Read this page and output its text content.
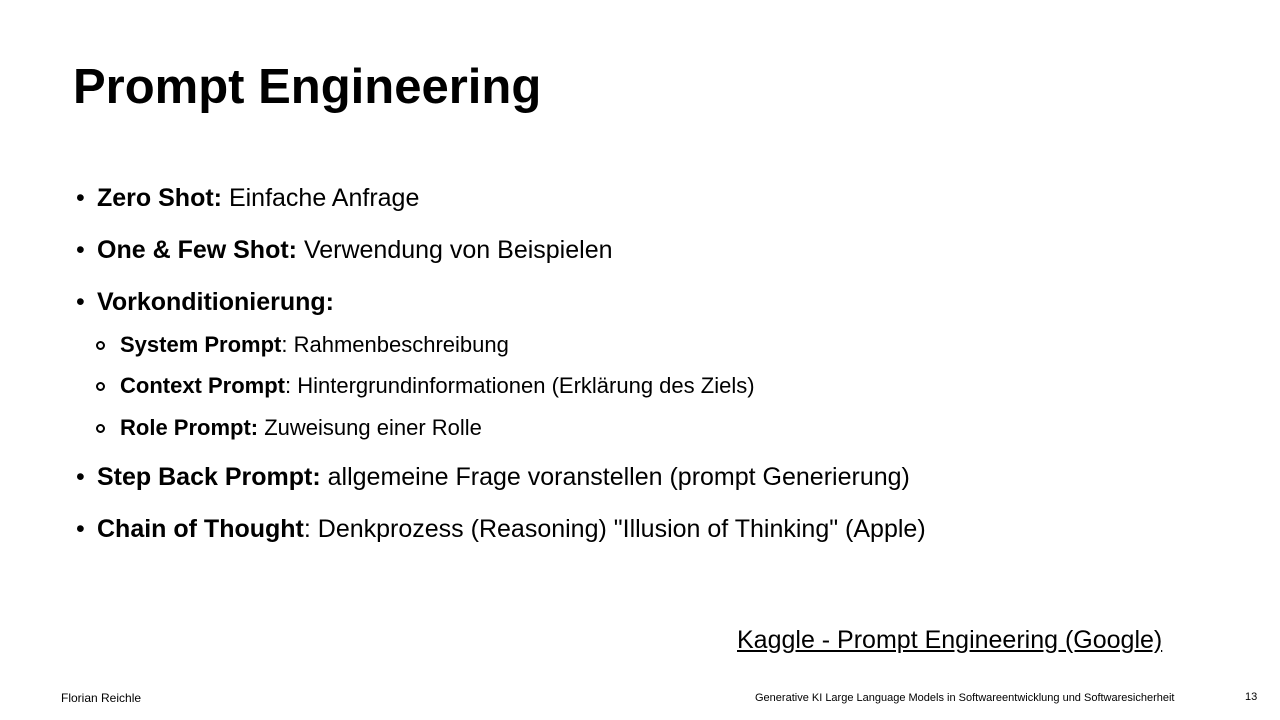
Prompt Engineering
• Zero Shot: Einfache Anfrage
• One & Few Shot: Verwendung von Beispielen
• Vorkonditionierung:
System Prompt: Rahmenbeschreibung
Context Prompt: Hintergrundinformationen (Erklärung des Ziels)
Role Prompt: Zuweisung einer Rolle
• Step Back Prompt: allgemeine Frage voranstellen (prompt Generierung)
• Chain of Thought: Denkprozess (Reasoning) "Illusion of Thinking" (Apple)
Kaggle - Prompt Engineering (Google)
Florian Reichle	Generative KI Large Language Models in Softwareentwicklung und Softwaresicherheit	13
